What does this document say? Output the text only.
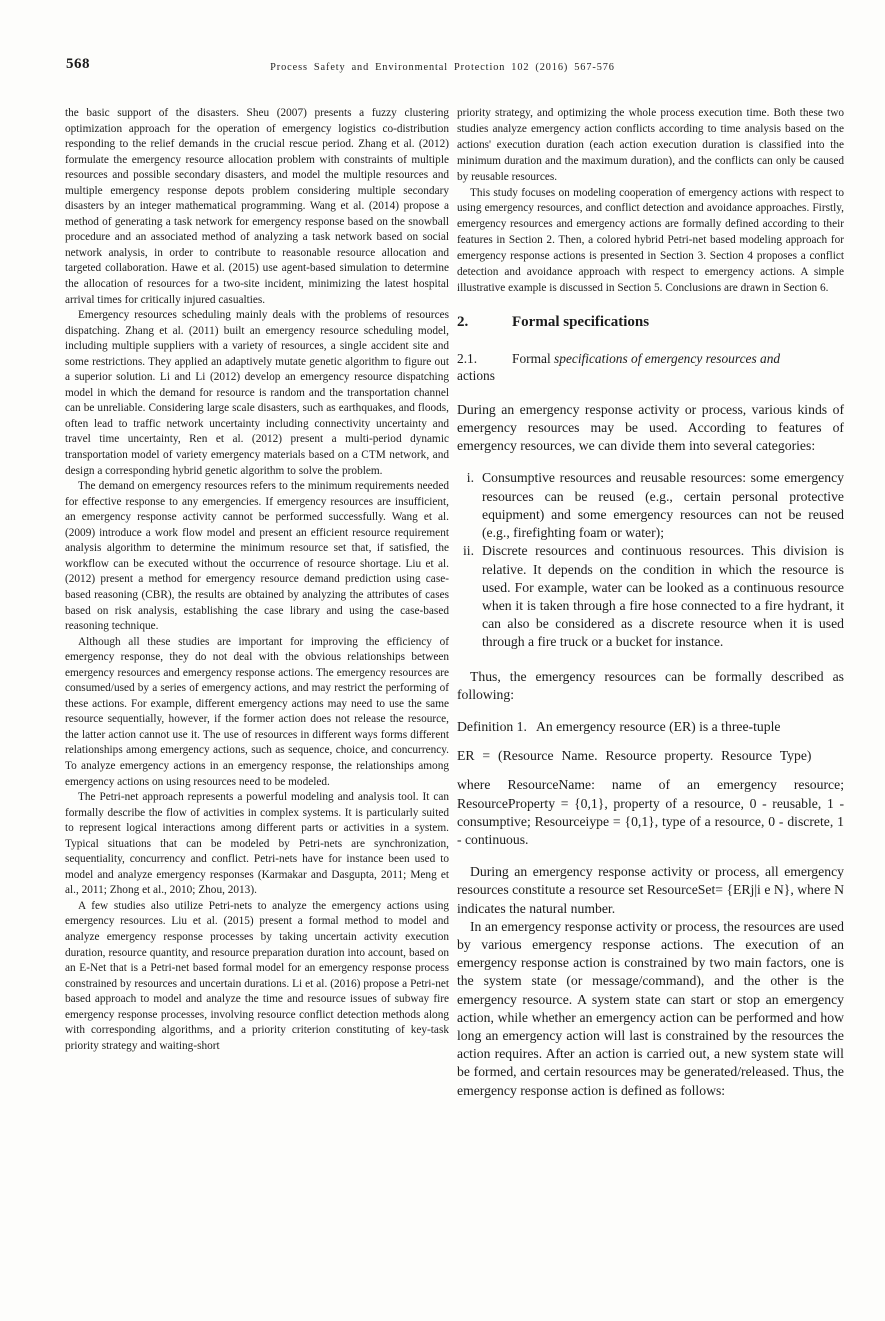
568	Process Safety and Environmental Protection 102 (2016) 567-576

the basic support of the disasters. Sheu (2007) presents a fuzzy clustering optimization approach for the operation of emergency logistics co-distribution responding to the relief demands in the crucial rescue period. Zhang et al. (2012) formulate the emergency resource allocation problem with constraints of multiple resources and possible secondary disasters, and model the multiple resources and multiple emergency response depots problem considering multiple secondary disasters by an integer mathematical programming. Wang et al. (2014) propose a method of generating a task network for emergency response based on the snowball procedure and an associated method of analyzing a task network based on social network analysis, in order to contribute to reasonable resource allocation and targeted collaboration. Hawe et al. (2015) use agent-based simulation to determine the allocation of resources for a two-site incident, minimizing the latest hospital arrival times for critically injured casualties.

Emergency resources scheduling mainly deals with the problems of resources dispatching. Zhang et al. (2011) built an emergency resource scheduling model, including multiple suppliers with a variety of resources, a single accident site and some restrictions. They applied an adaptively mutate genetic algorithm to figure out a superior solution. Li and Li (2012) develop an emergency resource dispatching model in which the demand for resource is random and the transportation channel can be unreliable. Considering large scale disasters, such as earthquakes, and floods, often lead to traffic network uncertainty including connectivity uncertainty and travel time uncertainty, Ren et al. (2012) present a multi-period dynamic transportation model of variety emergency materials based on a CTM network, and design a corresponding hybrid genetic algorithm to solve the problem.

The demand on emergency resources refers to the minimum requirements needed for effective response to any emergencies. If emergency resources are insufficient, an emergency response activity cannot be performed successfully. Wang et al. (2009) introduce a work flow model and present an efficient resource requirement analysis algorithm to determine the minimum resource set that, if satisfied, the workflow can be executed without the occurrence of resource shortage. Liu et al. (2012) present a method for emergency resource demand prediction using case-based reasoning (CBR), the results are obtained by analyzing the attributes of cases based on risk analysis, establishing the case library and using the case-based reasoning technique.

Although all these studies are important for improving the efficiency of emergency response, they do not deal with the obvious relationships between emergency resources and emergency response actions. The emergency resources are consumed/used by a series of emergency actions, and may restrict the performing of these actions. For example, different emergency actions may need to use the same resource sequentially, however, if the former action does not release the resource, the latter action cannot use it. The use of resources in different ways forms different relationships among emergency actions, such as sequence, choice, and concurrency. To analyze emergency actions in an emergency response, the relationships among emergency actions on using resources need to be modeled.

The Petri-net approach represents a powerful modeling and analysis tool. It can formally describe the flow of activities in complex systems. It is particularly suited to represent logical interactions among different parts or activities in a system. Typical situations that can be modeled by Petri-nets are synchronization, sequentiality, concurrency and conflict. Petri-nets have for instance been used to model and analyze emergency responses (Karmakar and Dasgupta, 2011; Meng et al., 2011; Zhong et al., 2010; Zhou, 2013).

A few studies also utilize Petri-nets to analyze the emergency actions using emergency resources. Liu et al. (2015) present a formal method to model and analyze emergency response processes by taking uncertain activity execution duration, resource quantity, and resource preparation duration into account, based on an E-Net that is a Petri-net based formal model for an emergency response process constrained by resources and uncertain durations. Li et al. (2016) propose a Petri-net based approach to model and analyze the time and resource issues of subway fire emergency response processes, involving resource conflict detection methods along with corresponding algorithms, and a priority criterion constituting of key-task priority strategy and waiting-short

priority strategy, and optimizing the whole process execution time. Both these two studies analyze emergency action conflicts according to time analysis based on the actions' execution duration (each action execution duration is classified into the minimum duration and the maximum duration), and the conflicts can only be caused by reusable resources.

This study focuses on modeling cooperation of emergency actions with respect to using emergency resources, and conflict detection and avoidance approaches. Firstly, emergency resources and emergency actions are formally defined according to their features in Section 2. Then, a colored hybrid Petri-net based modeling approach for emergency response actions is presented in Section 3. Section 4 proposes a conflict detection and avoidance approach with respect to emergency actions. A simple illustrative example is discussed in Section 5. Conclusions are drawn in Section 6.

2.	Formal specifications
2.1.	Formal specifications of emergency resources and
actions

During an emergency response activity or process, various kinds of emergency resources may be used. According to features of emergency resources, we can divide them into several categories:

i. Consumptive resources and reusable resources: some emergency resources can be reused (e.g., certain personal protective equipment) and some emergency resources can not be reused (e.g., firefighting foam or water);
ii. Discrete resources and continuous resources. This division is relative. It depends on the condition in which the resource is used. For example, water can be looked as a continuous resource when it is taken through a fire hose connected to a fire hydrant, it can also be considered as a discrete resource when it is used through a fire truck or a bucket for instance.

Thus, the emergency resources can be formally described as following:

Definition 1. An emergency resource (ER) is a three-tuple

ER = (Resource Name. Resource property. Resource Type)

where ResourceName: name of an emergency resource; ResourceProperty = {0,1}, property of a resource, 0 - reusable, 1 - consumptive; Resourceiype = {0,1}, type of a resource, 0 - discrete, 1 - continuous.

During an emergency response activity or process, all emergency resources constitute a resource set ResourceSet= {ERj|i e N}, where N indicates the natural number.

In an emergency response activity or process, the resources are used by various emergency response actions. The execution of an emergency response action is constrained by two main factors, one is the system state (or message/command), and the other is the emergency resource. A system state can start or stop an emergency action, while whether an emergency action can be performed and how long an emergency action will last is constrained by the resources the action requires. After an action is carried out, a new system state will be formed, and certain resources may be generated/released. Thus, the emergency response action is defined as follows:
